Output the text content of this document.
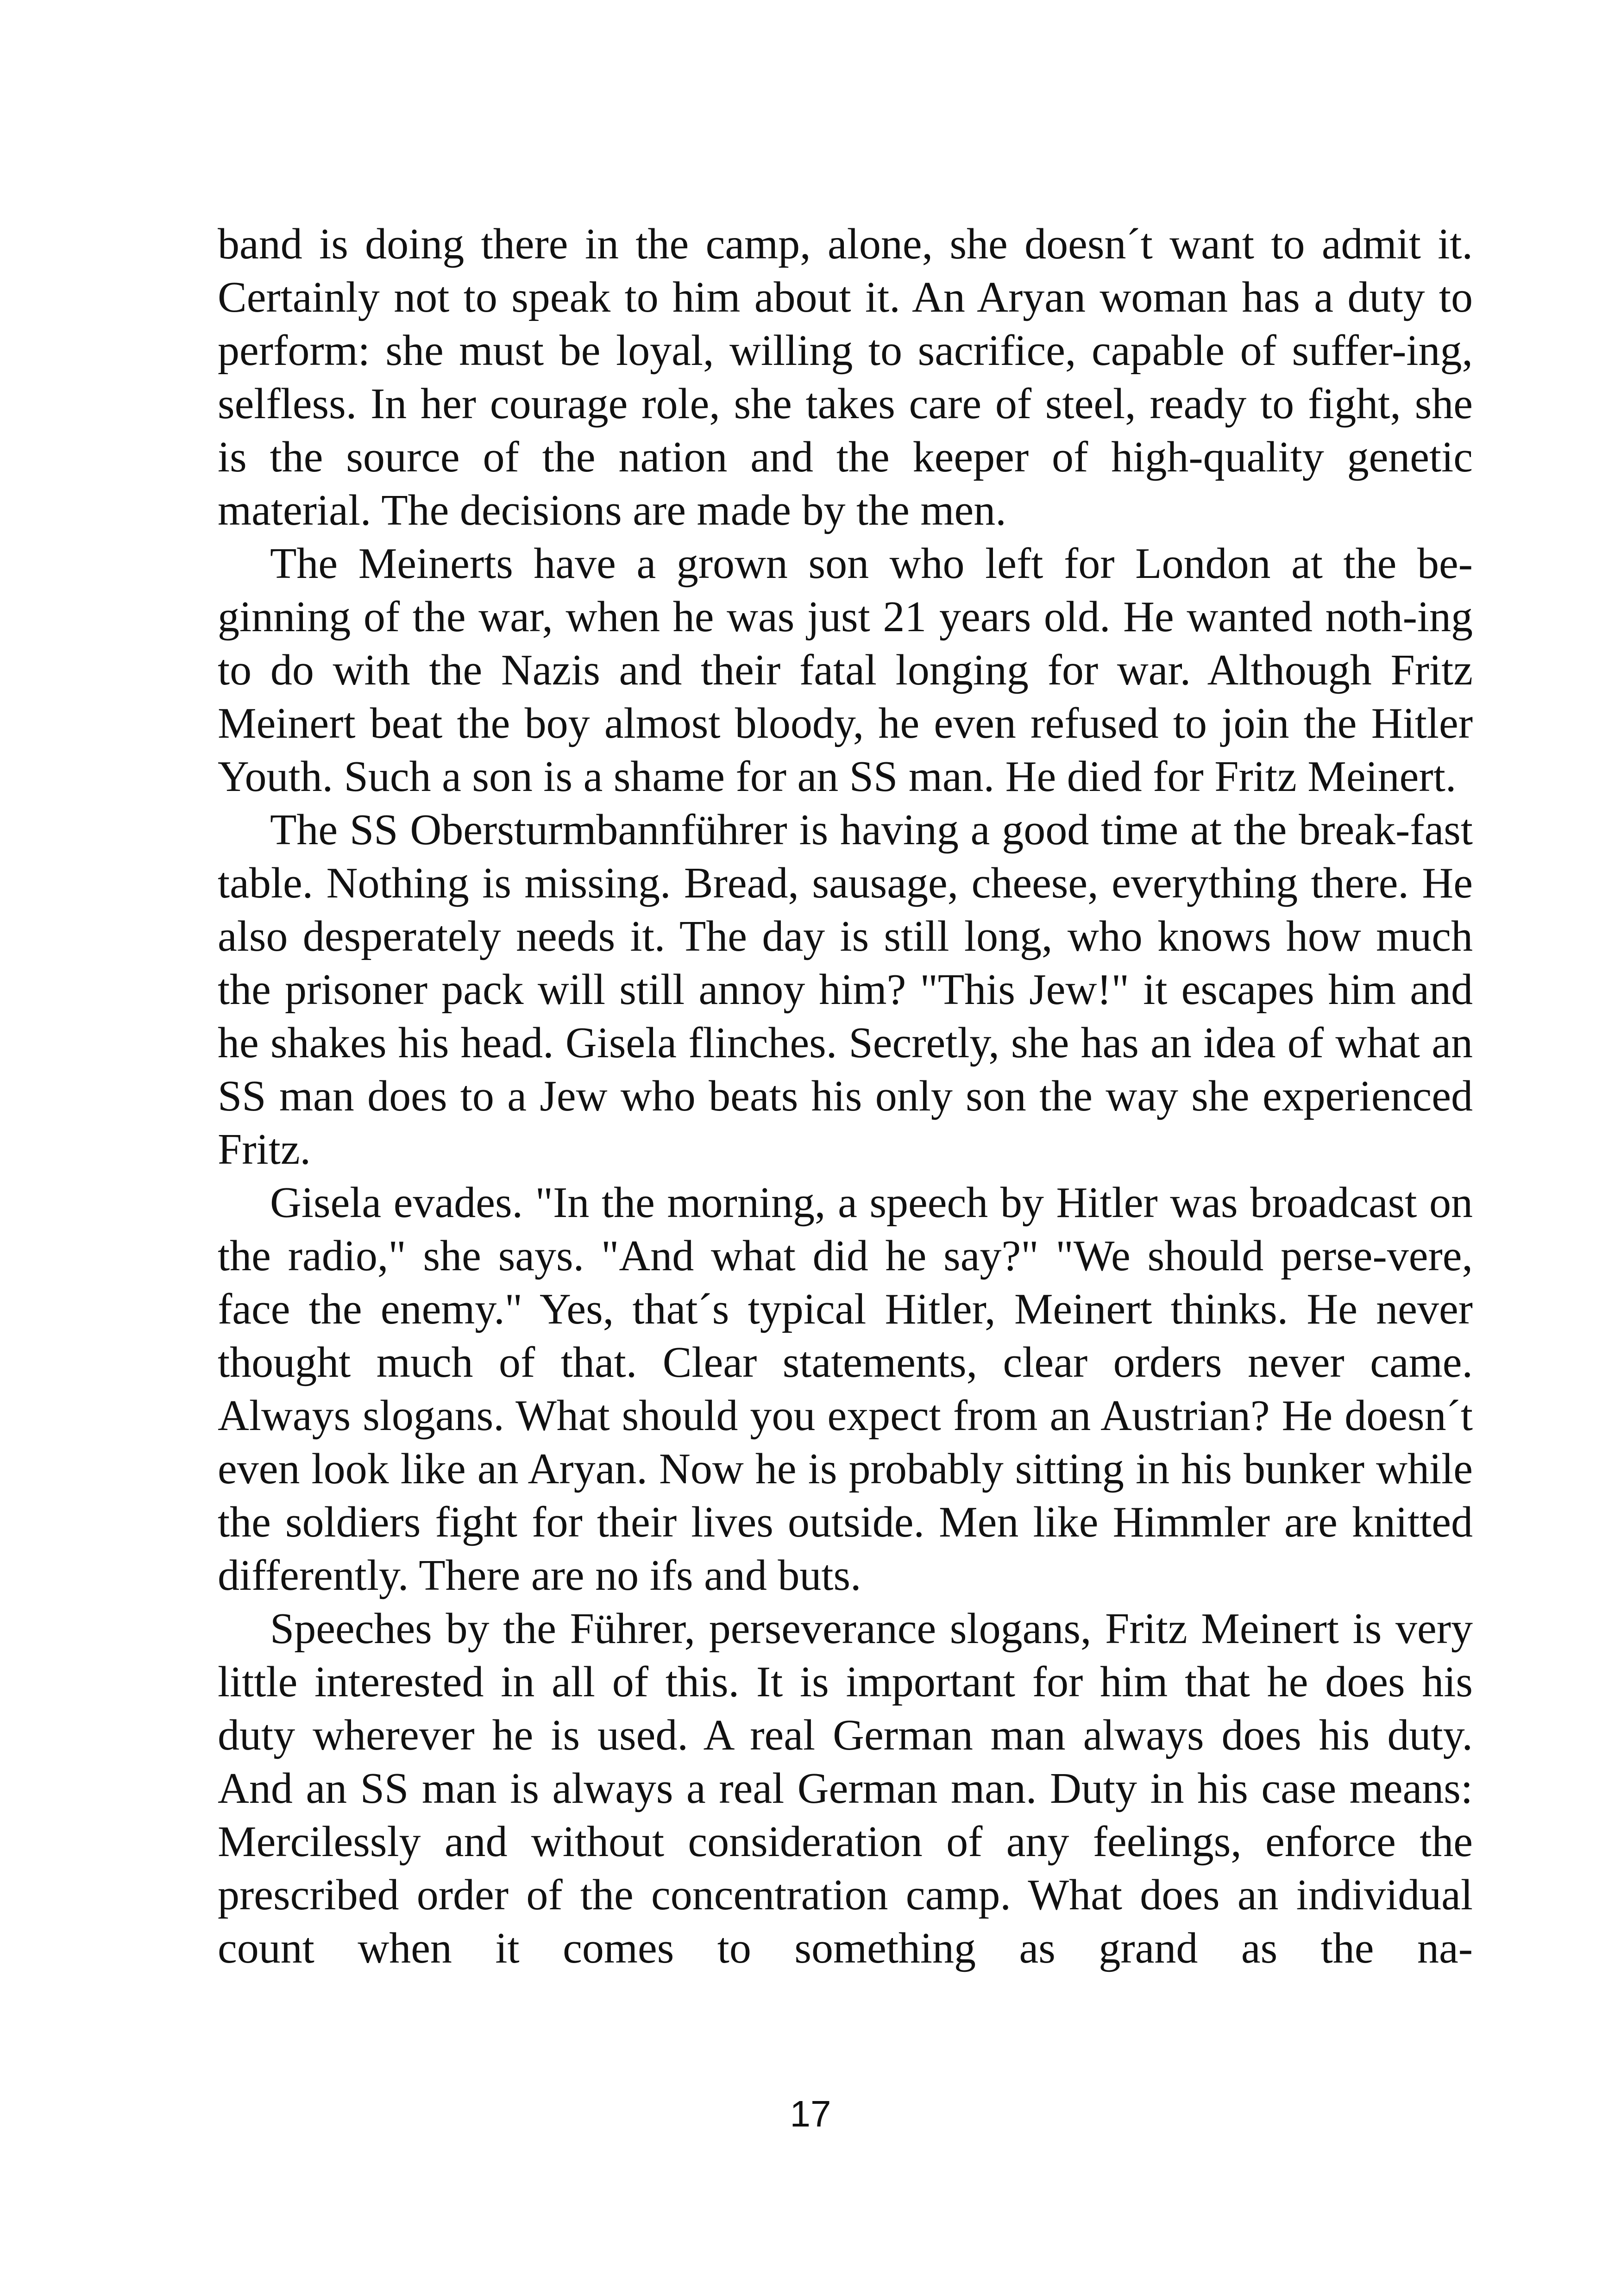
band is doing there in the camp, alone, she doesn´t want to admit it. Certainly not to speak to him about it. An Aryan woman has a duty to perform: she must be loyal, willing to sacrifice, capable of suffer-ing, selfless. In her courage role, she takes care of steel, ready to fight, she is the source of the nation and the keeper of high-quality genetic material. The decisions are made by the men.

The Meinerts have a grown son who left for London at the be-ginning of the war, when he was just 21 years old. He wanted noth-ing to do with the Nazis and their fatal longing for war. Although Fritz Meinert beat the boy almost bloody, he even refused to join the Hitler Youth. Such a son is a shame for an SS man. He died for Fritz Meinert.

The SS Obersturmbannführer is having a good time at the break-fast table. Nothing is missing. Bread, sausage, cheese, everything there. He also desperately needs it. The day is still long, who knows how much the prisoner pack will still annoy him? "This Jew!" it escapes him and he shakes his head. Gisela flinches. Secretly, she has an idea of what an SS man does to a Jew who beats his only son the way she experienced Fritz.

Gisela evades. "In the morning, a speech by Hitler was broadcast on the radio," she says. "And what did he say?" "We should perse-vere, face the enemy." Yes, that´s typical Hitler, Meinert thinks. He never thought much of that. Clear statements, clear orders never came. Always slogans. What should you expect from an Austrian? He doesn´t even look like an Aryan. Now he is probably sitting in his bunker while the soldiers fight for their lives outside. Men like Himmler are knitted differently. There are no ifs and buts.

Speeches by the Führer, perseverance slogans, Fritz Meinert is very little interested in all of this. It is important for him that he does his duty wherever he is used. A real German man always does his duty. And an SS man is always a real German man. Duty in his case means: Mercilessly and without consideration of any feelings, enforce the prescribed order of the concentration camp. What does an individual count when it comes to something as grand as the na-

17
